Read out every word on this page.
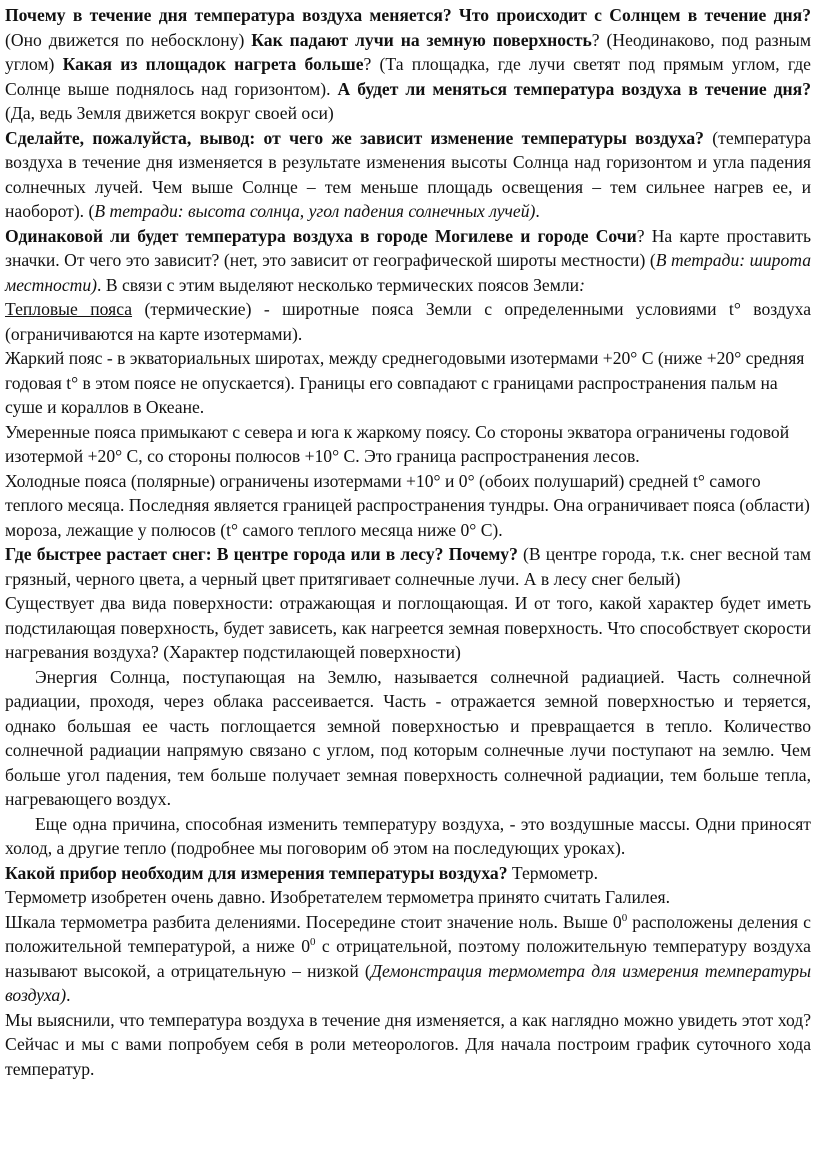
Почему в течение дня температура воздуха меняется? Что происходит с Солнцем в течение дня? (Оно движется по небосклону) Как падают лучи на земную поверхность? (Неодинаково, под разным углом) Какая из площадок нагрета больше? (Та площадка, где лучи светят под прямым углом, где Солнце выше поднялось над горизонтом). А будет ли меняться температура воздуха в течение дня? (Да, ведь Земля движется вокруг своей оси)

Сделайте, пожалуйста, вывод: от чего же зависит изменение температуры воздуха? (температура воздуха в течение дня изменяется в результате изменения высоты Солнца над горизонтом и угла падения солнечных лучей. Чем выше Солнце – тем меньше площадь освещения – тем сильнее нагрев ее, и наоборот). (В тетради: высота солнца, угол падения солнечных лучей).

Одинаковой ли будет температура воздуха в городе Могилеве и городе Сочи? На карте проставить значки. От чего это зависит? (нет, это зависит от географической широты местности) (В тетради: широта местности). В связи с этим выделяют несколько термических поясов Земли:

Тепловые пояса (термические) - широтные пояса Земли с определенными условиями t° воздуха (ограничиваются на карте изотермами).

Жаркий пояс - в экваториальных широтах, между среднегодовыми изотермами +20° С (ниже +20° средняя годовая t° в этом поясе не опускается). Границы его совпадают с границами распространения пальм на суше и кораллов в Океане.

Умеренные пояса примыкают с севера и юга к жаркому поясу. Со стороны экватора ограничены годовой изотермой +20° С, со стороны полюсов +10° С. Это граница распространения лесов.

Холодные пояса (полярные) ограничены изотермами +10° и 0° (обоих полушарий) средней t° самого теплого месяца. Последняя является границей распространения тундры. Она ограничивает пояса (области) мороза, лежащие у полюсов (t° самого теплого месяца ниже 0° С).

Где быстрее растает снег: В центре города или в лесу? Почему? (В центре города, т.к. снег весной там грязный, черного цвета, а черный цвет притягивает солнечные лучи. А в лесу снег белый)

Существует два вида поверхности: отражающая и поглощающая. И от того, какой характер будет иметь подстилающая поверхность, будет зависеть, как нагреется земная поверхность. Что способствует скорости нагревания воздуха? (Характер подстилающей поверхности)

Энергия Солнца, поступающая на Землю, называется солнечной радиацией. Часть солнечной радиации, проходя, через облака рассеивается. Часть - отражается земной поверхностью и теряется, однако большая ее часть поглощается земной поверхностью и превращается в тепло. Количество солнечной радиации напрямую связано с углом, под которым солнечные лучи поступают на землю. Чем больше угол падения, тем больше получает земная поверхность солнечной радиации, тем больше тепла, нагревающего воздух.

Еще одна причина, способная изменить температуру воздуха, - это воздушные массы. Одни приносят холод, а другие тепло (подробнее мы поговорим об этом на последующих уроках).

Какой прибор необходим для измерения температуры воздуха? Термометр.

Термометр изобретен очень давно. Изобретателем термометра принято считать Галилея.

Шкала термометра разбита делениями. Посередине стоит значение ноль. Выше $0^0$ расположены деления с положительной температурой, а ниже $0^0$ с отрицательной, поэтому положительную температуру воздуха называют высокой, а отрицательную – низкой (Демонстрация термометра для измерения температуры воздуха).

Мы выяснили, что температура воздуха в течение дня изменяется, а как наглядно можно увидеть этот ход? Сейчас и мы с вами попробуем себя в роли метеорологов. Для начала построим график суточного хода температур.
